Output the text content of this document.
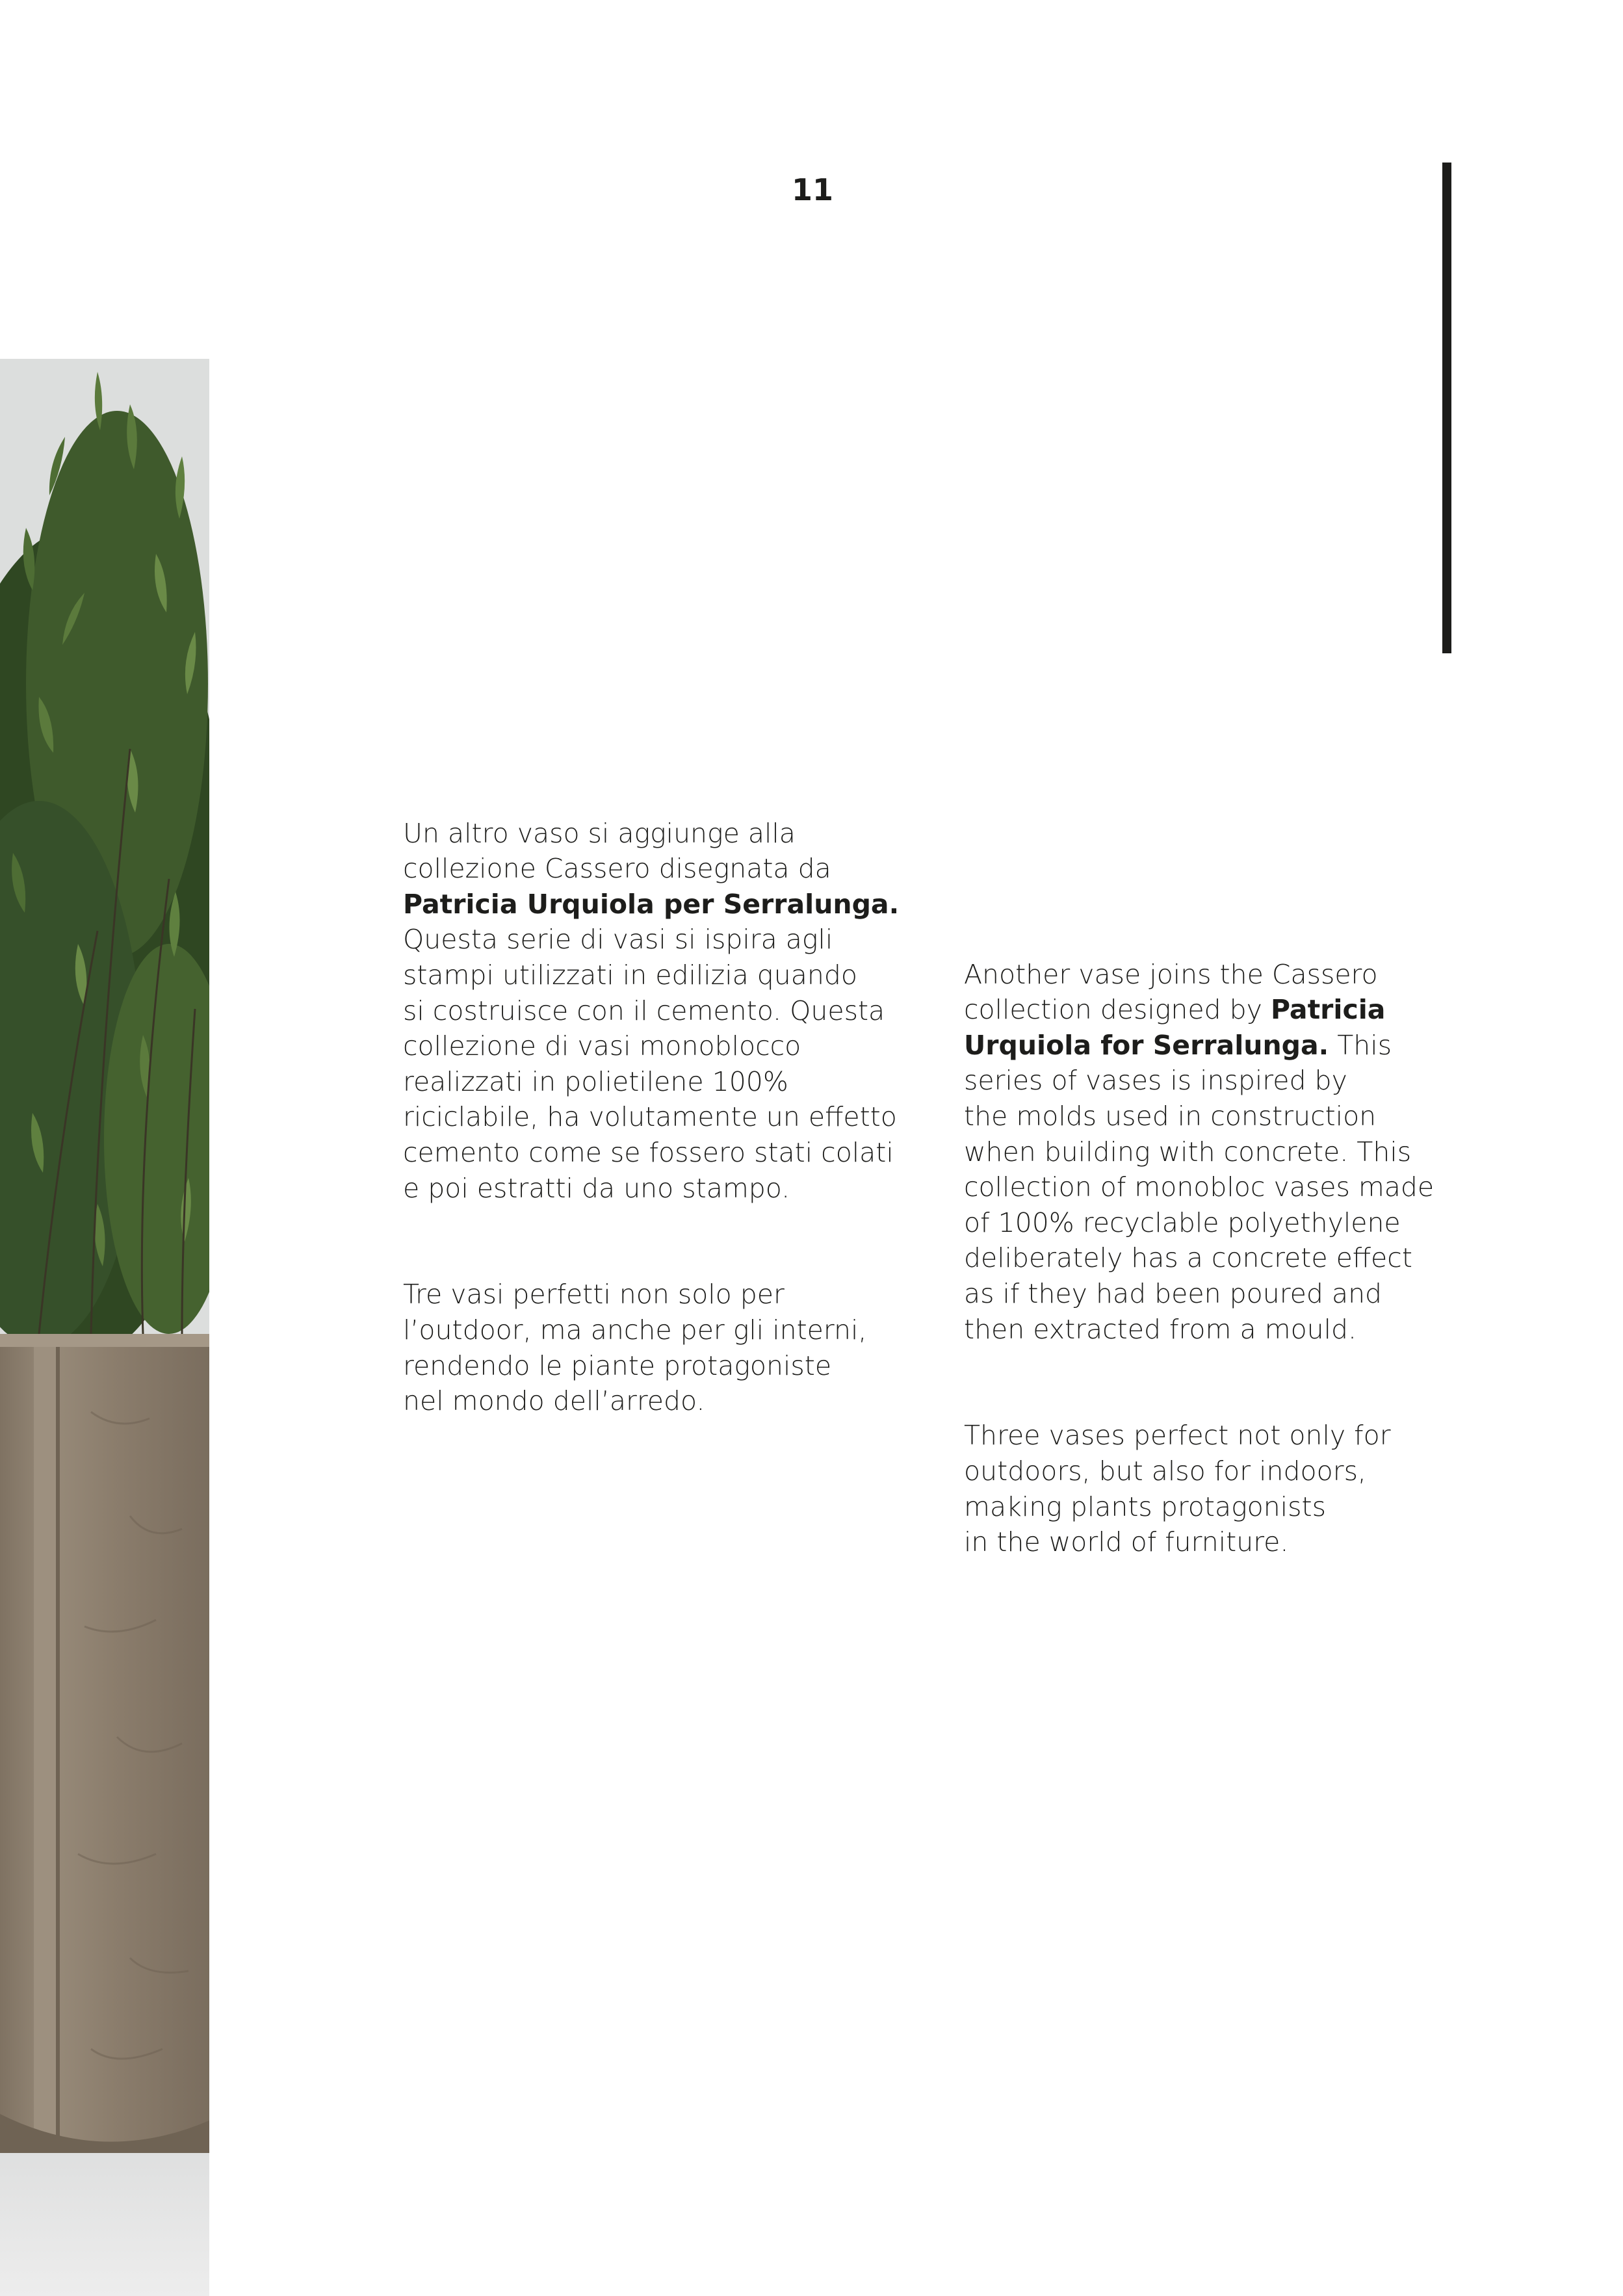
11

Un altro vaso si aggiunge alla
collezione Cassero disegnata da
Patricia Urquiola per Serralunga.
Questa serie di vasi si ispira agli
stampi utilizzati in edilizia quando
si costruisce con il cemento. Questa
collezione di vasi monoblocco
realizzati in polietilene 100%
riciclabile, ha volutamente un effetto
cemento come se fossero stati colati
e poi estratti da uno stampo.

Tre vasi perfetti non solo per
l’outdoor, ma anche per gli interni,
rendendo le piante protagoniste
nel mondo dell’arredo.

Another vase joins the Cassero
collection designed by Patricia
Urquiola for Serralunga. This
series of vases is inspired by
the molds used in construction
when building with concrete. This
collection of monobloc vases made
of 100% recyclable polyethylene
deliberately has a concrete effect
as if they had been poured and
then extracted from a mould.

Three vases perfect not only for
outdoors, but also for indoors,
making plants protagonists
in the world of furniture.
